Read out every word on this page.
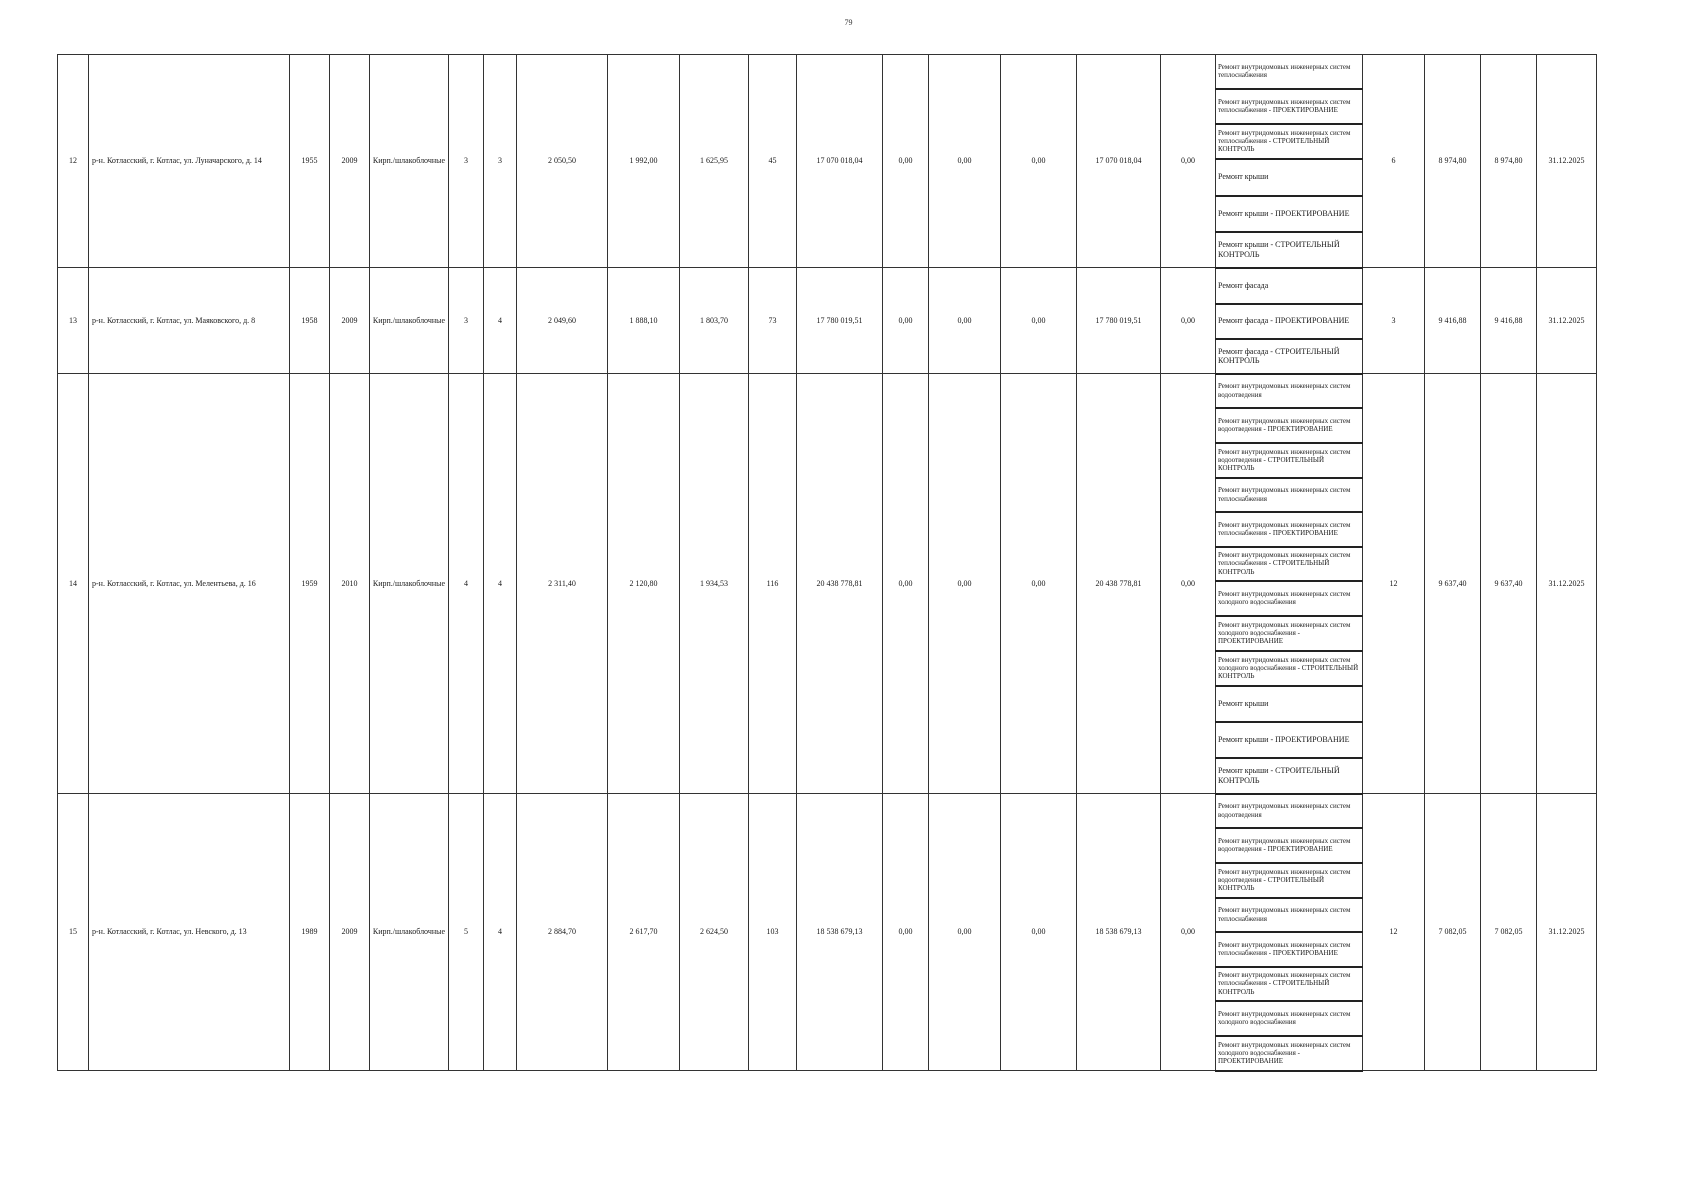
79
12	р-н. Котласский, г. Котлас, ул. Луначарского, д. 14	1955	2009	Кирп./шлакоблочные	3	3	2 050,50	1 992,00	1 625,95	45	17 070 018,04	0,00	0,00	0,00	17 070 018,04	0,00	Ремонт внутридомовых инженерных систем теплоснабжения	6	8 974,80	8 974,80	31.12.2025
																	Ремонт внутридомовых инженерных систем теплоснабжения - ПРОЕКТИРОВАНИЕ				
																	Ремонт внутридомовых инженерных систем теплоснабжения - СТРОИТЕЛЬНЫЙ КОНТРОЛЬ				
																	Ремонт крыши				
																	Ремонт крыши - ПРОЕКТИРОВАНИЕ				
																	Ремонт крыши - СТРОИТЕЛЬНЫЙ КОНТРОЛЬ				
13	р-н. Котласский, г. Котлас, ул. Маяковского, д. 8	1958	2009	Кирп./шлакоблочные	3	4	2 049,60	1 888,10	1 803,70	73	17 780 019,51	0,00	0,00	0,00	17 780 019,51	0,00	Ремонт фасада	3	9 416,88	9 416,88	31.12.2025
																	Ремонт фасада - ПРОЕКТИРОВАНИЕ				
																	Ремонт фасада - СТРОИТЕЛЬНЫЙ КОНТРОЛЬ				
14	р-н. Котласский, г. Котлас, ул. Мелентьева, д. 16	1959	2010	Кирп./шлакоблочные	4	4	2 311,40	2 120,80	1 934,53	116	20 438 778,81	0,00	0,00	0,00	20 438 778,81	0,00	Ремонт внутридомовых инженерных систем водоотведения	12	9 637,40	9 637,40	31.12.2025
																	Ремонт внутридомовых инженерных систем водоотведения - ПРОЕКТИРОВАНИЕ				
																	Ремонт внутридомовых инженерных систем водоотведения - СТРОИТЕЛЬНЫЙ КОНТРОЛЬ				
																	Ремонт внутридомовых инженерных систем теплоснабжения				
																	Ремонт внутридомовых инженерных систем теплоснабжения - ПРОЕКТИРОВАНИЕ				
																	Ремонт внутридомовых инженерных систем теплоснабжения - СТРОИТЕЛЬНЫЙ КОНТРОЛЬ				
																	Ремонт внутридомовых инженерных систем холодного водоснабжения				
																	Ремонт внутридомовых инженерных систем холодного водоснабжения - ПРОЕКТИРОВАНИЕ				
																	Ремонт внутридомовых инженерных систем холодного водоснабжения - СТРОИТЕЛЬНЫЙ КОНТРОЛЬ				
																	Ремонт крыши				
																	Ремонт крыши - ПРОЕКТИРОВАНИЕ				
																	Ремонт крыши - СТРОИТЕЛЬНЫЙ КОНТРОЛЬ				
15	р-н. Котласский, г. Котлас, ул. Невского, д. 13	1989	2009	Кирп./шлакоблочные	5	4	2 884,70	2 617,70	2 624,50	103	18 538 679,13	0,00	0,00	0,00	18 538 679,13	0,00	Ремонт внутридомовых инженерных систем водоотведения	12	7 082,05	7 082,05	31.12.2025
																	Ремонт внутридомовых инженерных систем водоотведения - ПРОЕКТИРОВАНИЕ				
																	Ремонт внутридомовых инженерных систем водоотведения - СТРОИТЕЛЬНЫЙ КОНТРОЛЬ				
																	Ремонт внутридомовых инженерных систем теплоснабжения				
																	Ремонт внутридомовых инженерных систем теплоснабжения - ПРОЕКТИРОВАНИЕ				
																	Ремонт внутридомовых инженерных систем теплоснабжения - СТРОИТЕЛЬНЫЙ КОНТРОЛЬ				
																	Ремонт внутридомовых инженерных систем холодного водоснабжения				
																	Ремонт внутридомовых инженерных систем холодного водоснабжения - ПРОЕКТИРОВАНИЕ				
